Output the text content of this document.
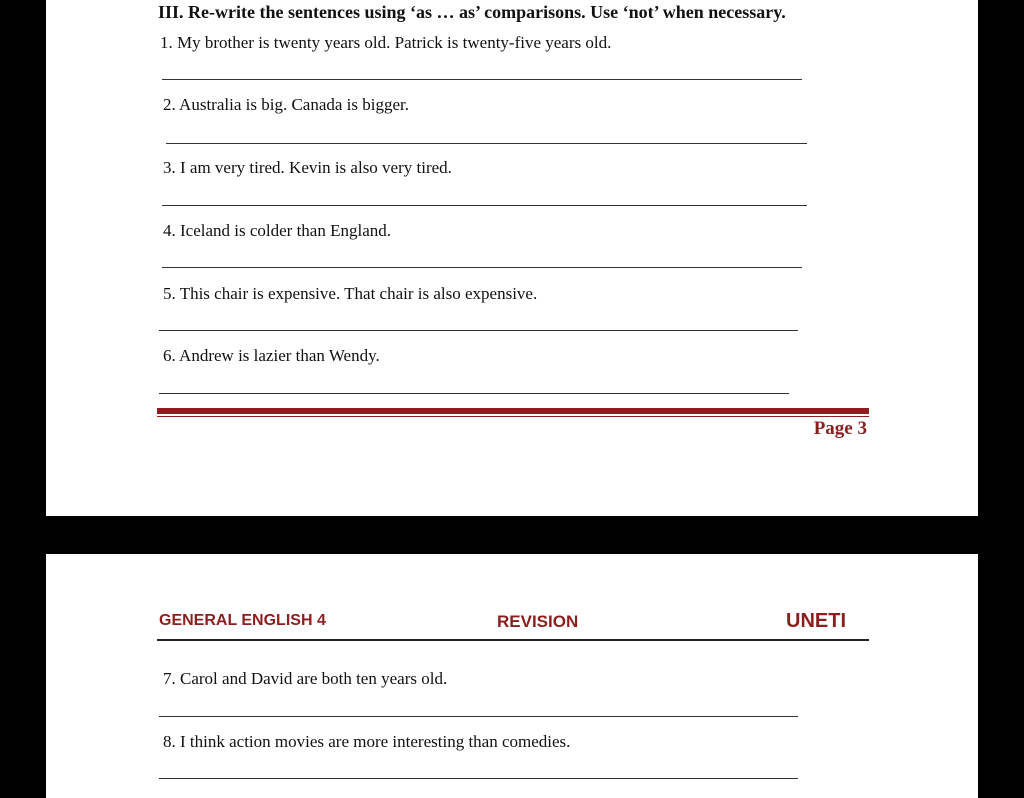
III. Re-write the sentences using ‘as … as’ comparisons. Use ‘not’ when necessary.
1. My brother is twenty years old. Patrick is twenty-five years old.
2. Australia is big. Canada is bigger.
3. I am very tired. Kevin is also very tired.
4. Iceland is colder than England.
5. This chair is expensive. That chair is also expensive.
6. Andrew is lazier than Wendy.
Page 3
GENERAL ENGLISH 4	REVISION	UNETI
7. Carol and David are both ten years old.
8. I think action movies are more interesting than comedies.
